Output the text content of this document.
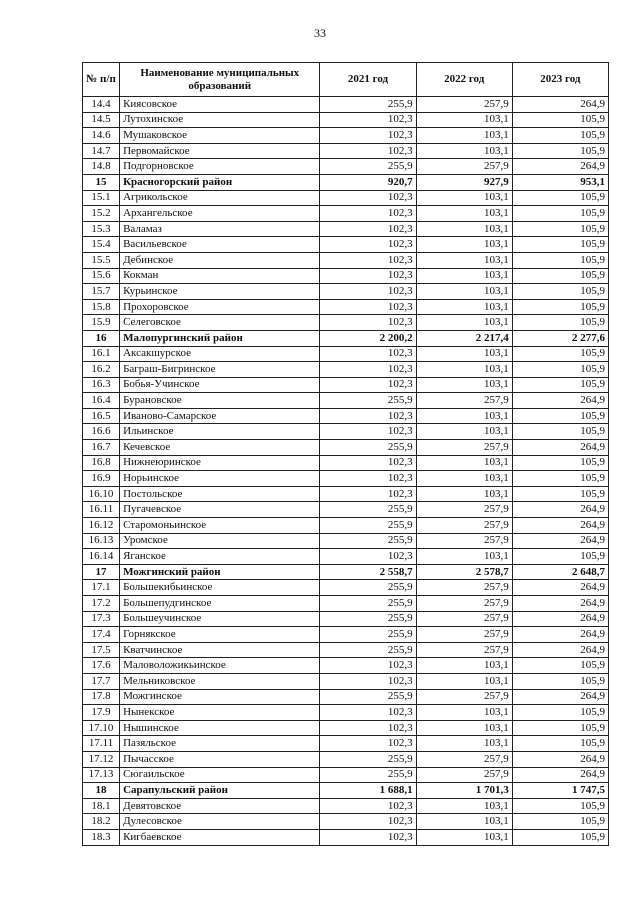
33
№ п/п	Наименование муниципальных образований	2021 год	2022 год	2023 год
14.4	Киясовское	255,9	257,9	264,9
14.5	Лутохинское	102,3	103,1	105,9
14.6	Мушаковское	102,3	103,1	105,9
14.7	Первомайское	102,3	103,1	105,9
14.8	Подгорновское	255,9	257,9	264,9
15	Красногорский район	920,7	927,9	953,1
15.1	Агрикольское	102,3	103,1	105,9
15.2	Архангельское	102,3	103,1	105,9
15.3	Валамаз	102,3	103,1	105,9
15.4	Васильевское	102,3	103,1	105,9
15.5	Дебинское	102,3	103,1	105,9
15.6	Кокман	102,3	103,1	105,9
15.7	Курьинское	102,3	103,1	105,9
15.8	Прохоровское	102,3	103,1	105,9
15.9	Селеговское	102,3	103,1	105,9
16	Малопургинский район	2 200,2	2 217,4	2 277,6
16.1	Аксакшурское	102,3	103,1	105,9
16.2	Баграш-Бигринское	102,3	103,1	105,9
16.3	Бобья-Учинское	102,3	103,1	105,9
16.4	Бурановское	255,9	257,9	264,9
16.5	Иваново-Самарское	102,3	103,1	105,9
16.6	Ильинское	102,3	103,1	105,9
16.7	Кечевское	255,9	257,9	264,9
16.8	Нижнеюринское	102,3	103,1	105,9
16.9	Норьинское	102,3	103,1	105,9
16.10	Постольское	102,3	103,1	105,9
16.11	Пугачевское	255,9	257,9	264,9
16.12	Старомоньинское	255,9	257,9	264,9
16.13	Уромское	255,9	257,9	264,9
16.14	Яганское	102,3	103,1	105,9
17	Можгинский район	2 558,7	2 578,7	2 648,7
17.1	Большекибьинское	255,9	257,9	264,9
17.2	Большепудгинское	255,9	257,9	264,9
17.3	Большеучинское	255,9	257,9	264,9
17.4	Горнякское	255,9	257,9	264,9
17.5	Кватчинское	255,9	257,9	264,9
17.6	Маловоложикьинское	102,3	103,1	105,9
17.7	Мельниковское	102,3	103,1	105,9
17.8	Можгинское	255,9	257,9	264,9
17.9	Нынекское	102,3	103,1	105,9
17.10	Нышинское	102,3	103,1	105,9
17.11	Пазяльское	102,3	103,1	105,9
17.12	Пычасское	255,9	257,9	264,9
17.13	Сюгаильское	255,9	257,9	264,9
18	Сарапульский район	1 688,1	1 701,3	1 747,5
18.1	Девятовское	102,3	103,1	105,9
18.2	Дулесовское	102,3	103,1	105,9
18.3	Кигбаевское	102,3	103,1	105,9
